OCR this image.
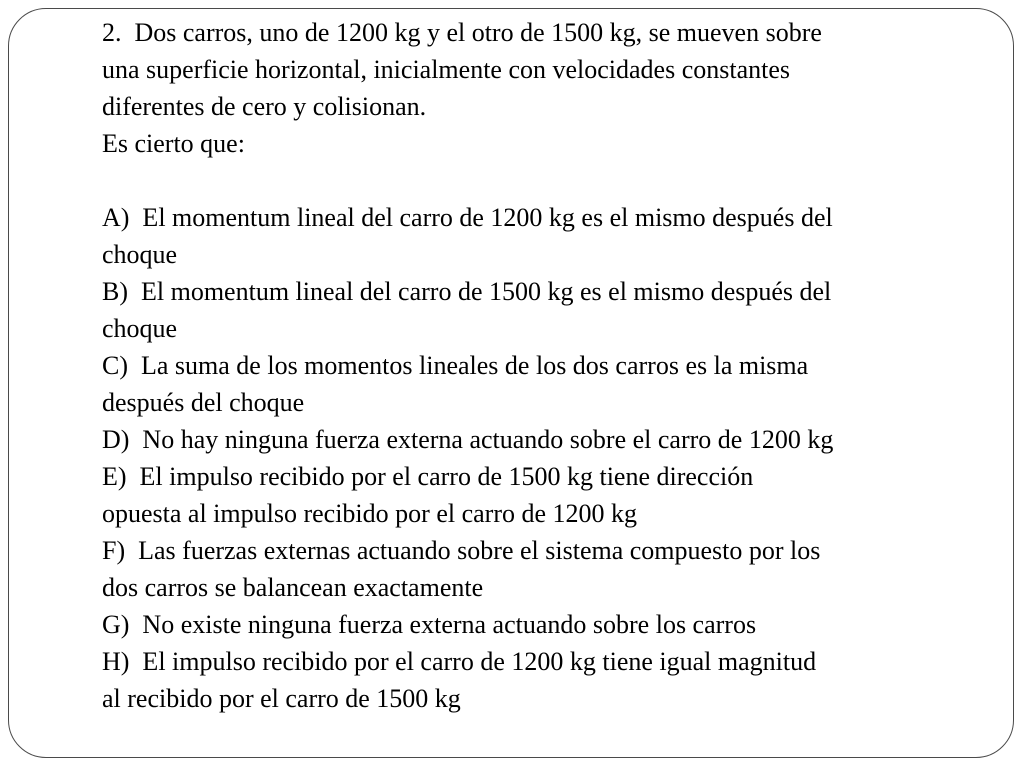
2.  Dos carros, uno de 1200 kg y el otro de 1500 kg, se mueven sobre
una superficie horizontal, inicialmente con velocidades constantes
diferentes de cero y colisionan.
Es cierto que:
A)  El momentum lineal del carro de 1200 kg es el mismo después del
choque
B)  El momentum lineal del carro de 1500 kg es el mismo después del
choque
C)  La suma de los momentos lineales de los dos carros es la misma
después del choque
D)  No hay ninguna fuerza externa actuando sobre el carro de 1200 kg
E)  El impulso recibido por el carro de 1500 kg tiene dirección
opuesta al impulso recibido por el carro de 1200 kg
F)  Las fuerzas externas actuando sobre el sistema compuesto por los
dos carros se balancean exactamente
G)  No existe ninguna fuerza externa actuando sobre los carros
H)  El impulso recibido por el carro de 1200 kg tiene igual magnitud
al recibido por el carro de 1500 kg
